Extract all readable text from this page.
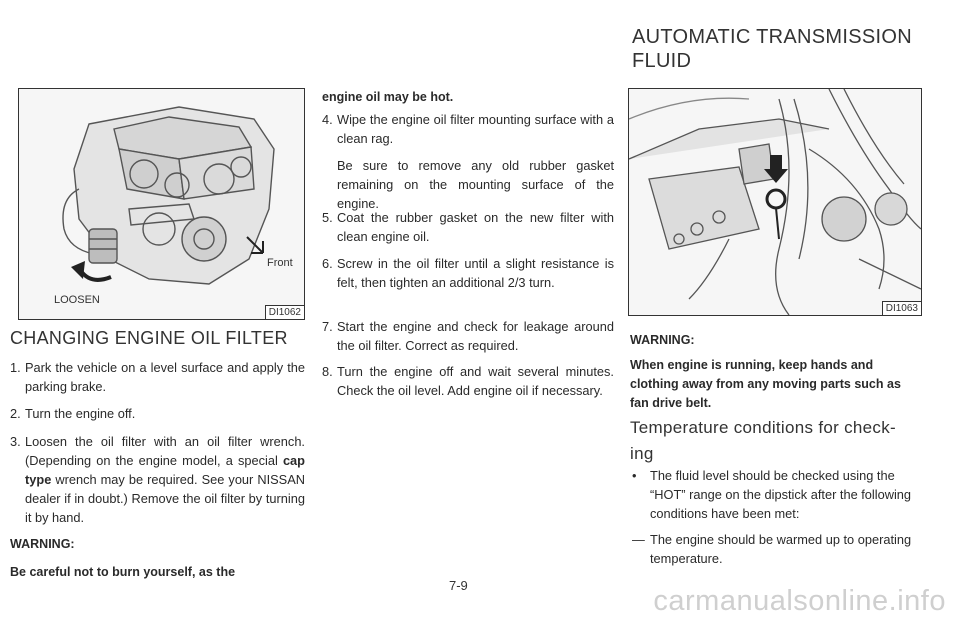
LOOSEN
Front
DI1062
CHANGING ENGINE OIL FILTER
1. Park the vehicle on a level surface and apply the parking brake.
2. Turn the engine off.
3. Loosen the oil filter with an oil filter wrench. (Depending on the engine model, a special cap type wrench may be required. See your NISSAN dealer if in doubt.) Remove the oil filter by turning it by hand.
WARNING:
Be careful not to burn yourself, as the
engine oil may be hot.
4. Wipe the engine oil filter mounting surface with a clean rag.
Be sure to remove any old rubber gasket remaining on the mounting surface of the engine.
5. Coat the rubber gasket on the new filter with clean engine oil.
6. Screw in the oil filter until a slight resistance is felt, then tighten an additional 2/3 turn.
7. Start the engine and check for leakage around the oil filter. Correct as required.
8. Turn the engine off and wait several minutes. Check the oil level. Add engine oil if necessary.
7-9
AUTOMATIC TRANSMISSION
FLUID
DI1063
WARNING:
When engine is running, keep hands and clothing away from any moving parts such as fan drive belt.
Temperature conditions for check-
ing
• The fluid level should be checked using the “HOT” range on the dipstick after the following conditions have been met:
— The engine should be warmed up to operating temperature.
carmanualsonline.info
